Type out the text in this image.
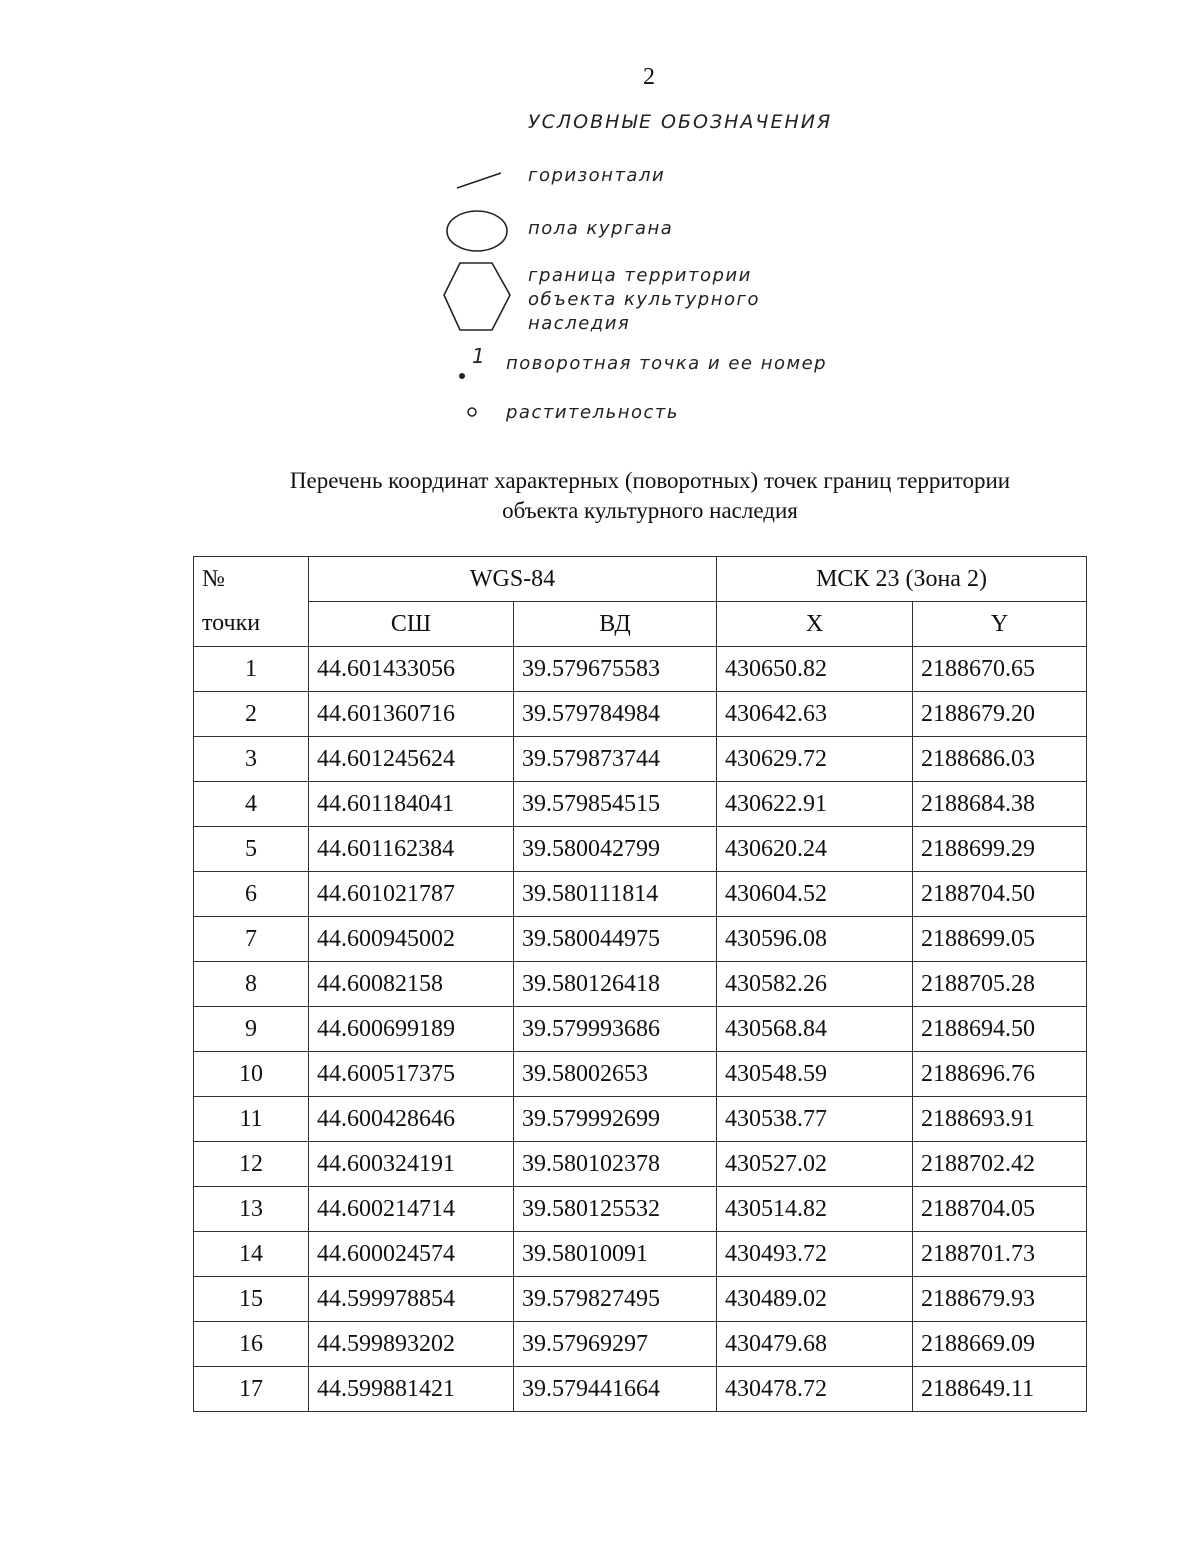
2
УСЛОВНЫЕ ОБОЗНАЧЕНИЯ
горизонтали
пола кургана
граница территории объекта культурного наследия
1 поворотная точка и ее номер
растительность
Перечень координат характерных (поворотных) точек границ территории
объекта культурного наследия
№	WGS-84		МСК 23 (Зона 2)	
точки	СШ	ВД	X	Y
1	44.601433056	39.579675583	430650.82	2188670.65
2	44.601360716	39.579784984	430642.63	2188679.20
3	44.601245624	39.579873744	430629.72	2188686.03
4	44.601184041	39.579854515	430622.91	2188684.38
5	44.601162384	39.580042799	430620.24	2188699.29
6	44.601021787	39.580111814	430604.52	2188704.50
7	44.600945002	39.580044975	430596.08	2188699.05
8	44.60082158	39.580126418	430582.26	2188705.28
9	44.600699189	39.579993686	430568.84	2188694.50
10	44.600517375	39.58002653	430548.59	2188696.76
11	44.600428646	39.579992699	430538.77	2188693.91
12	44.600324191	39.580102378	430527.02	2188702.42
13	44.600214714	39.580125532	430514.82	2188704.05
14	44.600024574	39.58010091	430493.72	2188701.73
15	44.599978854	39.579827495	430489.02	2188679.93
16	44.599893202	39.57969297	430479.68	2188669.09
17	44.599881421	39.579441664	430478.72	2188649.11
